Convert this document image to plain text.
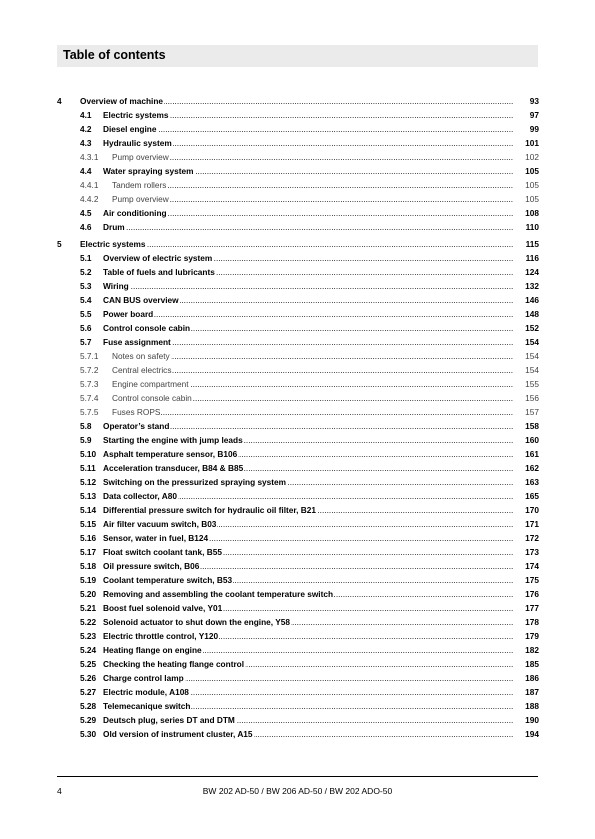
Table of contents
4 Overview of machine .....	93
4.1 Electric systems .....	97
4.2 Diesel engine .....	99
4.3 Hydraulic system .....	101
4.3.1 Pump overview .....	102
4.4 Water spraying system .....	105
4.4.1 Tandem rollers .....	105
4.4.2 Pump overview .....	105
4.5 Air conditioning .....	108
4.6 Drum .....	110
5 Electric systems .....	115
5.1 Overview of electric system .....	116
5.2 Table of fuels and lubricants .....	124
5.3 Wiring .....	132
5.4 CAN BUS overview .....	146
5.5 Power board .....	148
5.6 Control console cabin .....	152
5.7 Fuse assignment .....	154
5.7.1 Notes on safety .....	154
5.7.2 Central electrics .....	154
5.7.3 Engine compartment .....	155
5.7.4 Control console cabin .....	156
5.7.5 Fuses ROPS .....	157
5.8 Operator’s stand .....	158
5.9 Starting the engine with jump leads .....	160
5.10 Asphalt temperature sensor, B106 .....	161
5.11 Acceleration transducer, B84 & B85 .....	162
5.12 Switching on the pressurized spraying system .....	163
5.13 Data collector, A80 .....	165
5.14 Differential pressure switch for hydraulic oil filter, B21 .....	170
5.15 Air filter vacuum switch, B03 .....	171
5.16 Sensor, water in fuel, B124 .....	172
5.17 Float switch coolant tank, B55 .....	173
5.18 Oil pressure switch, B06 .....	174
5.19 Coolant temperature switch, B53 .....	175
5.20 Removing and assembling the coolant temperature switch .....	176
5.21 Boost fuel solenoid valve, Y01 .....	177
5.22 Solenoid actuator to shut down the engine, Y58 .....	178
5.23 Electric throttle control, Y120 .....	179
5.24 Heating flange on engine .....	182
5.25 Checking the heating flange control .....	185
5.26 Charge control lamp .....	186
5.27 Electric module, A108 .....	187
5.28 Telemecanique switch .....	188
5.29 Deutsch plug, series DT and DTM .....	190
5.30 Old version of instrument cluster, A15 .....	194
4	BW 202 AD-50 / BW 206 AD-50 / BW 202 ADO-50
